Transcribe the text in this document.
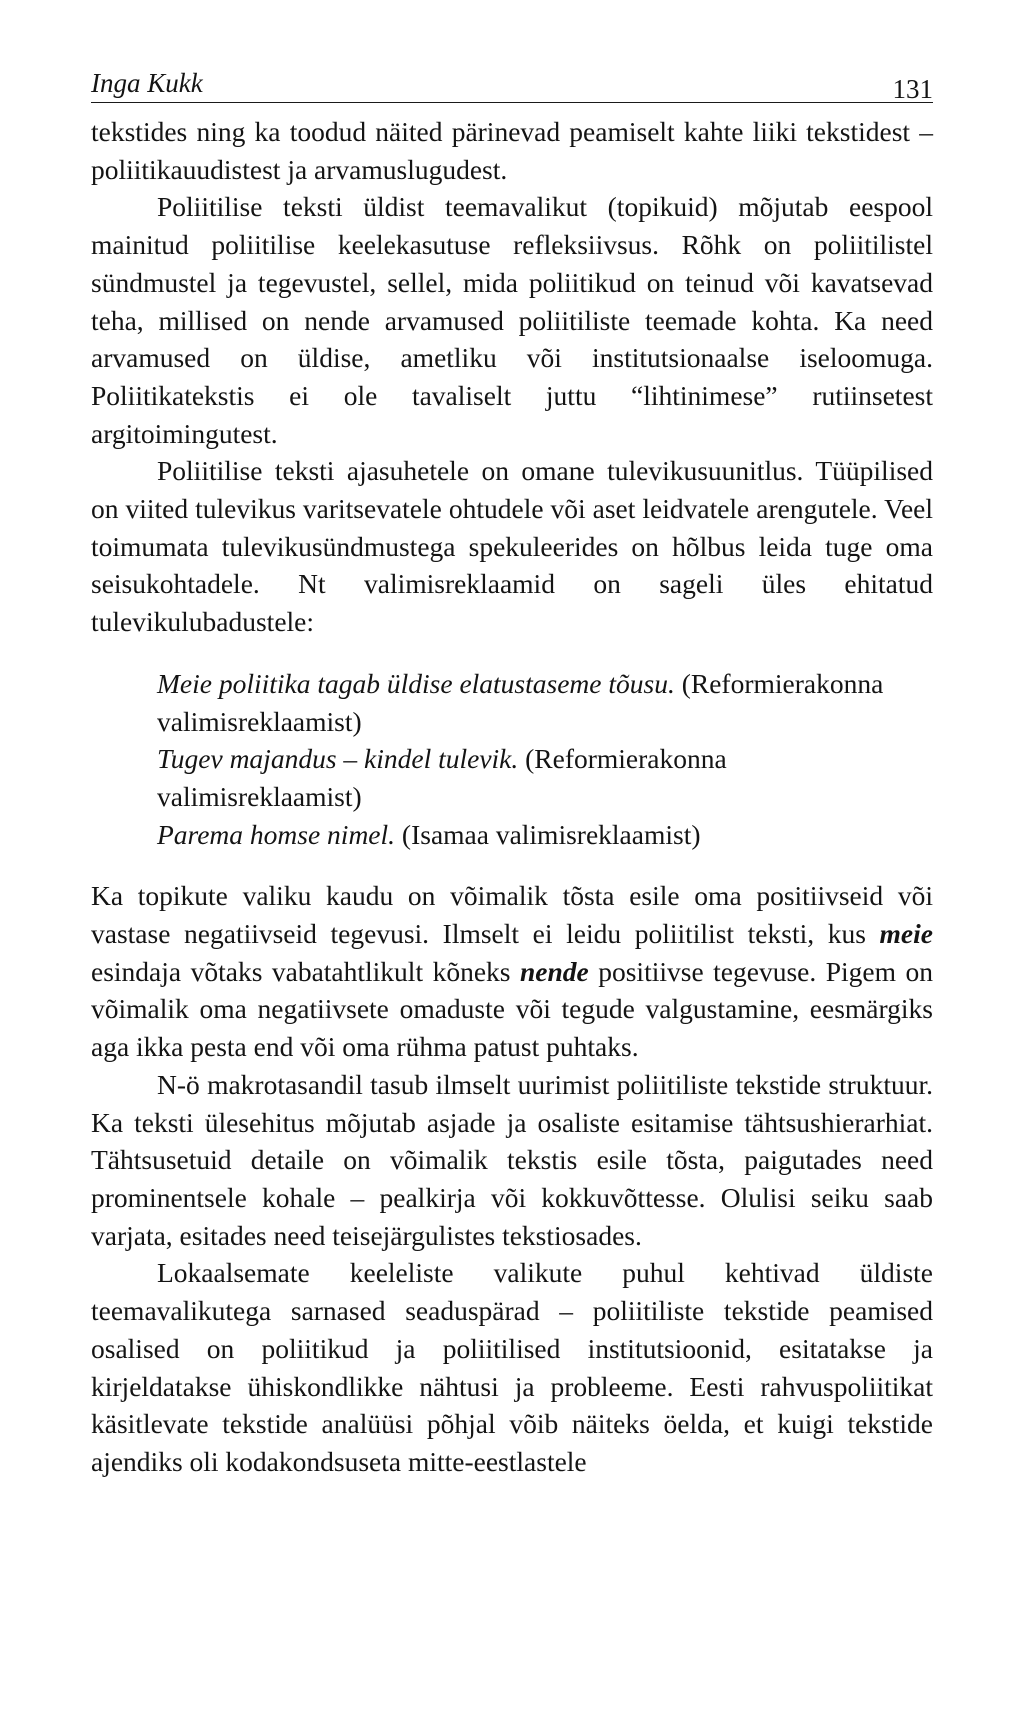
Inga Kukk	131

tekstides ning ka toodud näited pärinevad peamiselt kahte liiki tekstidest – poliitikauudistest ja arvamuslugudest.

Poliitilise teksti üldist teemavalikut (topikuid) mõjutab eespool mainitud poliitilise keelekasutuse refleksiivsus. Rõhk on poliitilistel sündmustel ja tegevustel, sellel, mida poliitikud on teinud või kavatsevad teha, millised on nende arvamused poliitiliste teemade kohta. Ka need arvamused on üldise, ametliku või institutsionaalse iseloomuga. Poliitikatekstis ei ole tavaliselt juttu “lihtinimese” rutiinsetest argitoimingutest.

Poliitilise teksti ajasuhetele on omane tulevikusuunitlus. Tüüpilised on viited tulevikus varitsevatele ohtudele või aset leidvatele arengutele. Veel toimumata tulevikusündmustega spekuleerides on hõlbus leida tuge oma seisukohtadele. Nt valimisreklaamid on sageli üles ehitatud tulevikulubadustele:

Meie poliitika tagab üldise elatustaseme tõusu. (Reformierakonna valimisreklaamist)
Tugev majandus – kindel tulevik. (Reformierakonna valimisreklaamist)
Parema homse nimel. (Isamaa valimisreklaamist)

Ka topikute valiku kaudu on võimalik tõsta esile oma positiivseid või vastase negatiivseid tegevusi. Ilmselt ei leidu poliitilist teksti, kus meie esindaja võtaks vabatahtlikult kõneks nende positiivse tegevuse. Pigem on võimalik oma negatiivsete omaduste või tegude valgustamine, eesmärgiks aga ikka pesta end või oma rühma patust puhtaks.

N-ö makrotasandil tasub ilmselt uurimist poliitiliste tekstide struktuur. Ka teksti ülesehitus mõjutab asjade ja osaliste esitamise tähtsushierarhiat. Tähtsusetuid detaile on võimalik tekstis esile tõsta, paigutades need prominentsele kohale – pealkirja või kokkuvõttesse. Olulisi seiku saab varjata, esitades need teisejärgulistes tekstiosades.

Lokaalsemate keeleliste valikute puhul kehtivad üldiste teemavalikutega sarnased seaduspärad – poliitiliste tekstide peamised osalised on poliitikud ja poliitilised institutsioonid, esitatakse ja kirjeldatakse ühiskondlikke nähtusi ja probleeme. Eesti rahvuspoliitikat käsitlevate tekstide analüüsi põhjal võib näiteks öelda, et kuigi tekstide ajendiks oli kodakondsuseta mitte-eestlastele
